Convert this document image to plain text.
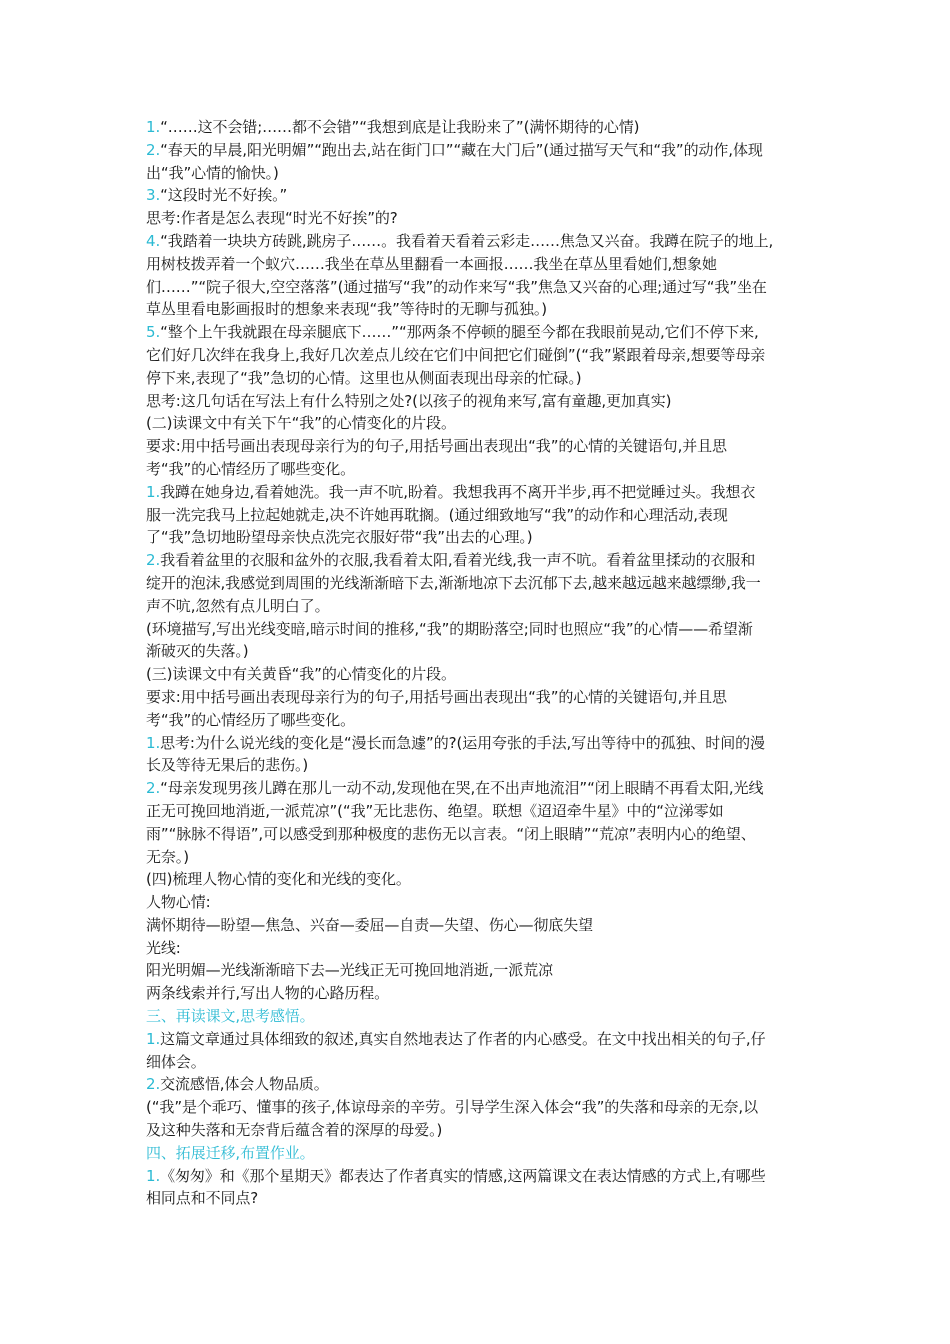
1.“……这不会错;……都不会错”“我想到底是让我盼来了”(满怀期待的心情)
2.“春天的早晨,阳光明媚”“跑出去,站在街门口”“藏在大门后”(通过描写天气和“我”的动作,体现
出“我”心情的愉快。)
3.“这段时光不好挨。”
思考:作者是怎么表现“时光不好挨”的?
4.“我踏着一块块方砖跳,跳房子……。我看着天看着云彩走……焦急又兴奋。我蹲在院子的地上,
用树枝拨弄着一个蚁穴……我坐在草丛里翻看一本画报……我坐在草丛里看她们,想象她
们……”“院子很大,空空落落”(通过描写“我”的动作来写“我”焦急又兴奋的心理;通过写“我”坐在
草丛里看电影画报时的想象来表现“我”等待时的无聊与孤独。)
5.“整个上午我就跟在母亲腿底下……”“那两条不停顿的腿至今都在我眼前晃动,它们不停下来,
它们好几次绊在我身上,我好几次差点儿绞在它们中间把它们碰倒”(“我”紧跟着母亲,想要等母亲
停下来,表现了“我”急切的心情。这里也从侧面表现出母亲的忙碌。)
思考:这几句话在写法上有什么特别之处?(以孩子的视角来写,富有童趣,更加真实)
(二)读课文中有关下午“我”的心情变化的片段。
要求:用中括号画出表现母亲行为的句子,用括号画出表现出“我”的心情的关键语句,并且思
考“我”的心情经历了哪些变化。
1.我蹲在她身边,看着她洗。我一声不吭,盼着。我想我再不离开半步,再不把觉睡过头。我想衣
服一洗完我马上拉起她就走,决不许她再耽搁。(通过细致地写“我”的动作和心理活动,表现
了“我”急切地盼望母亲快点洗完衣服好带“我”出去的心理。)
2.我看着盆里的衣服和盆外的衣服,我看着太阳,看着光线,我一声不吭。看着盆里揉动的衣服和
绽开的泡沫,我感觉到周围的光线渐渐暗下去,渐渐地凉下去沉郁下去,越来越远越来越缥缈,我一
声不吭,忽然有点儿明白了。
(环境描写,写出光线变暗,暗示时间的推移,“我”的期盼落空;同时也照应“我”的心情——希望渐
渐破灭的失落。)
(三)读课文中有关黄昏“我”的心情变化的片段。
要求:用中括号画出表现母亲行为的句子,用括号画出表现出“我”的心情的关键语句,并且思
考“我”的心情经历了哪些变化。
1.思考:为什么说光线的变化是“漫长而急遽”的?(运用夸张的手法,写出等待中的孤独、时间的漫
长及等待无果后的悲伤。)
2.“母亲发现男孩儿蹲在那儿一动不动,发现他在哭,在不出声地流泪”“闭上眼睛不再看太阳,光线
正无可挽回地消逝,一派荒凉”(“我”无比悲伤、绝望。联想《迢迢牵牛星》中的“泣涕零如
雨”“脉脉不得语”,可以感受到那种极度的悲伤无以言表。“闭上眼睛”“荒凉”表明内心的绝望、
无奈。)
(四)梳理人物心情的变化和光线的变化。
人物心情:
满怀期待—盼望—焦急、兴奋—委屈—自责—失望、伤心—彻底失望
光线:
阳光明媚—光线渐渐暗下去—光线正无可挽回地消逝,一派荒凉
两条线索并行,写出人物的心路历程。
三、再读课文,思考感悟。
1.这篇文章通过具体细致的叙述,真实自然地表达了作者的内心感受。在文中找出相关的句子,仔
细体会。
2.交流感悟,体会人物品质。
(“我”是个乖巧、懂事的孩子,体谅母亲的辛劳。引导学生深入体会“我”的失落和母亲的无奈,以
及这种失落和无奈背后蕴含着的深厚的母爱。)
四、拓展迁移,布置作业。
1.《匆匆》和《那个星期天》都表达了作者真实的情感,这两篇课文在表达情感的方式上,有哪些
相同点和不同点?
